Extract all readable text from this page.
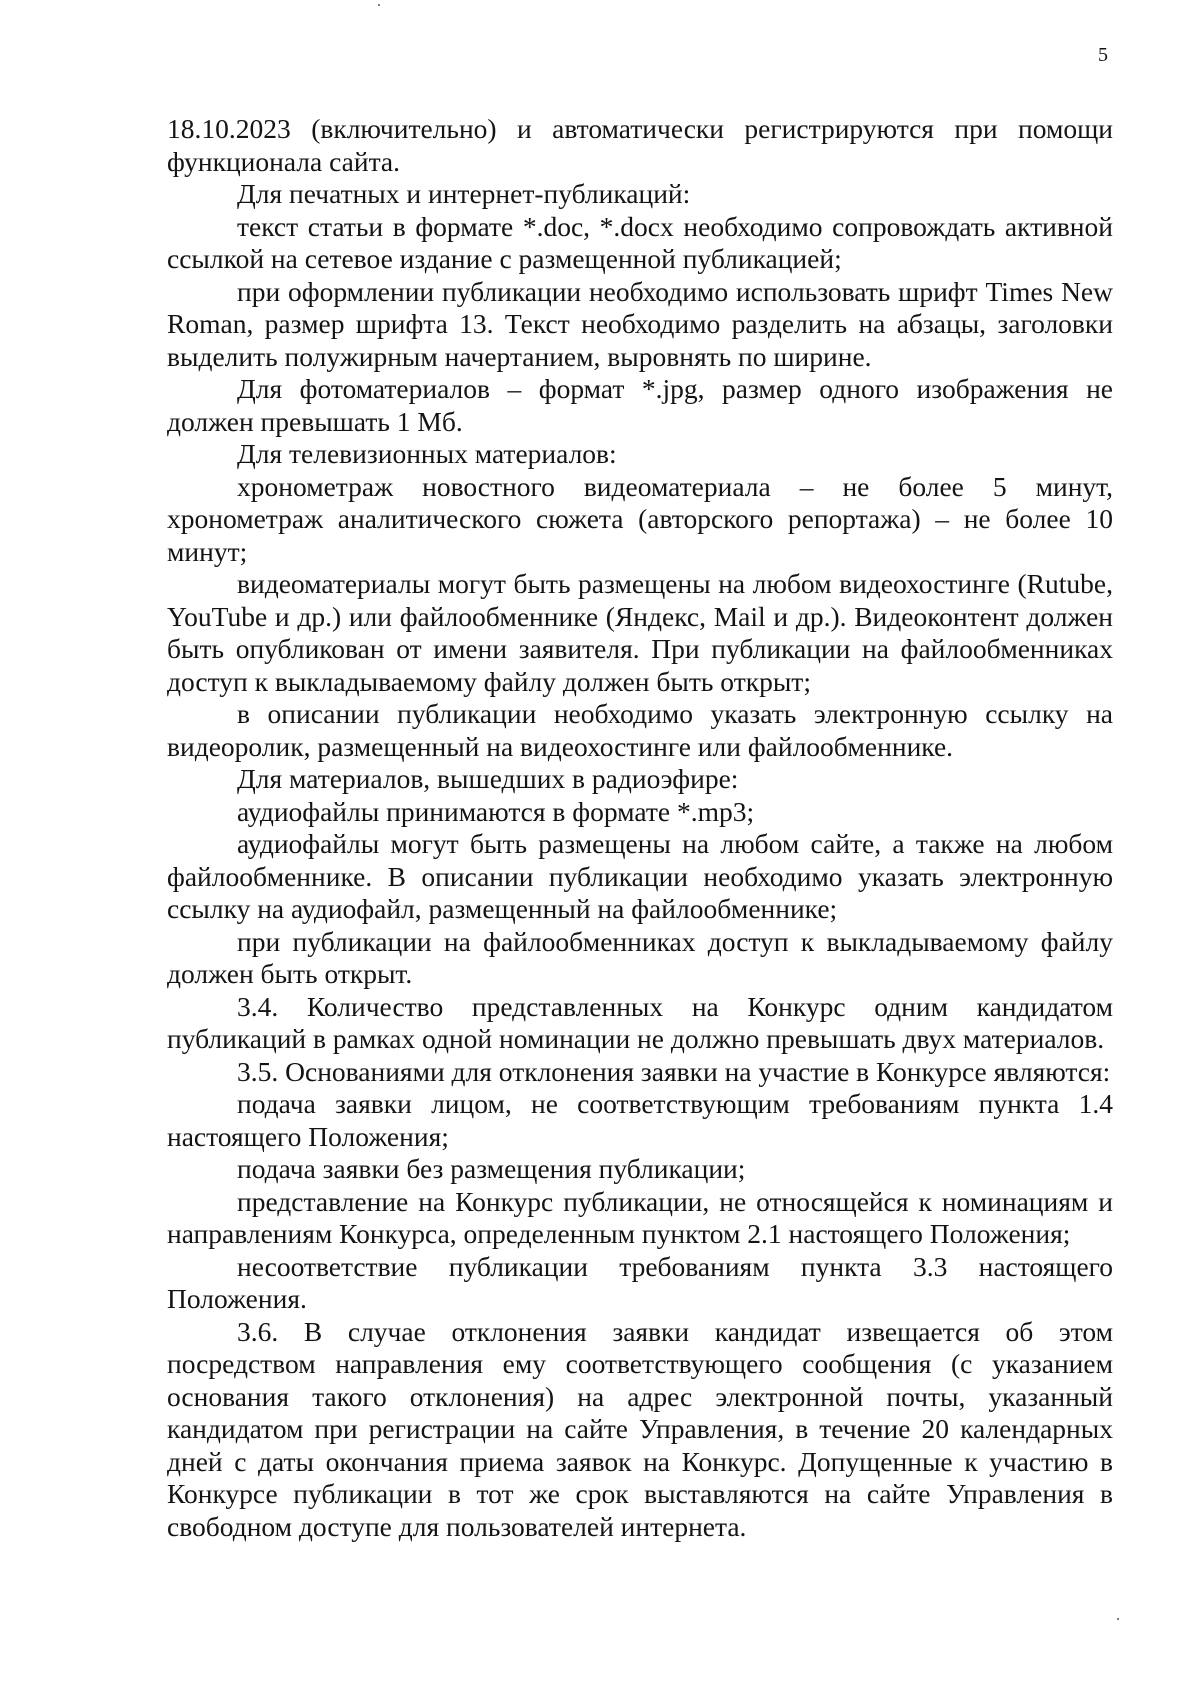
5

18.10.2023 (включительно) и автоматически регистрируются при помощи функционала сайта.

Для печатных и интернет-публикаций:

текст статьи в формате *.doc, *.docx необходимо сопровождать активной ссылкой на сетевое издание с размещенной публикацией;

при оформлении публикации необходимо использовать шрифт Times New Roman, размер шрифта 13. Текст необходимо разделить на абзацы, заголовки выделить полужирным начертанием, выровнять по ширине.

Для фотоматериалов – формат *.jpg, размер одного изображения не должен превышать 1 Мб.

Для телевизионных материалов:

хронометраж новостного видеоматериала – не более 5 минут, хронометраж аналитического сюжета (авторского репортажа) – не более 10 минут;

видеоматериалы могут быть размещены на любом видеохостинге (Rutube, YouTube и др.) или файлообменнике (Яндекс, Mail и др.). Видеоконтент должен быть опубликован от имени заявителя. При публикации на файлообменниках доступ к выкладываемому файлу должен быть открыт;

в описании публикации необходимо указать электронную ссылку на видеоролик, размещенный на видеохостинге или файлообменнике.

Для материалов, вышедших в радиоэфире:

аудиофайлы принимаются в формате *.mp3;

аудиофайлы могут быть размещены на любом сайте, а также на любом файлообменнике. В описании публикации необходимо указать электронную ссылку на аудиофайл, размещенный на файлообменнике;

при публикации на файлообменниках доступ к выкладываемому файлу должен быть открыт.

3.4. Количество представленных на Конкурс одним кандидатом публикаций в рамках одной номинации не должно превышать двух материалов.

3.5. Основаниями для отклонения заявки на участие в Конкурсе являются:

подача заявки лицом, не соответствующим требованиям пункта 1.4 настоящего Положения;

подача заявки без размещения публикации;

представление на Конкурс публикации, не относящейся к номинациям и направлениям Конкурса, определенным пунктом 2.1 настоящего Положения;

несоответствие публикации требованиям пункта 3.3 настоящего Положения.

3.6. В случае отклонения заявки кандидат извещается об этом посредством направления ему соответствующего сообщения (с указанием основания такого отклонения) на адрес электронной почты, указанный кандидатом при регистрации на сайте Управления, в течение 20 календарных дней с даты окончания приема заявок на Конкурс. Допущенные к участию в Конкурсе публикации в тот же срок выставляются на сайте Управления в свободном доступе для пользователей интернета.
